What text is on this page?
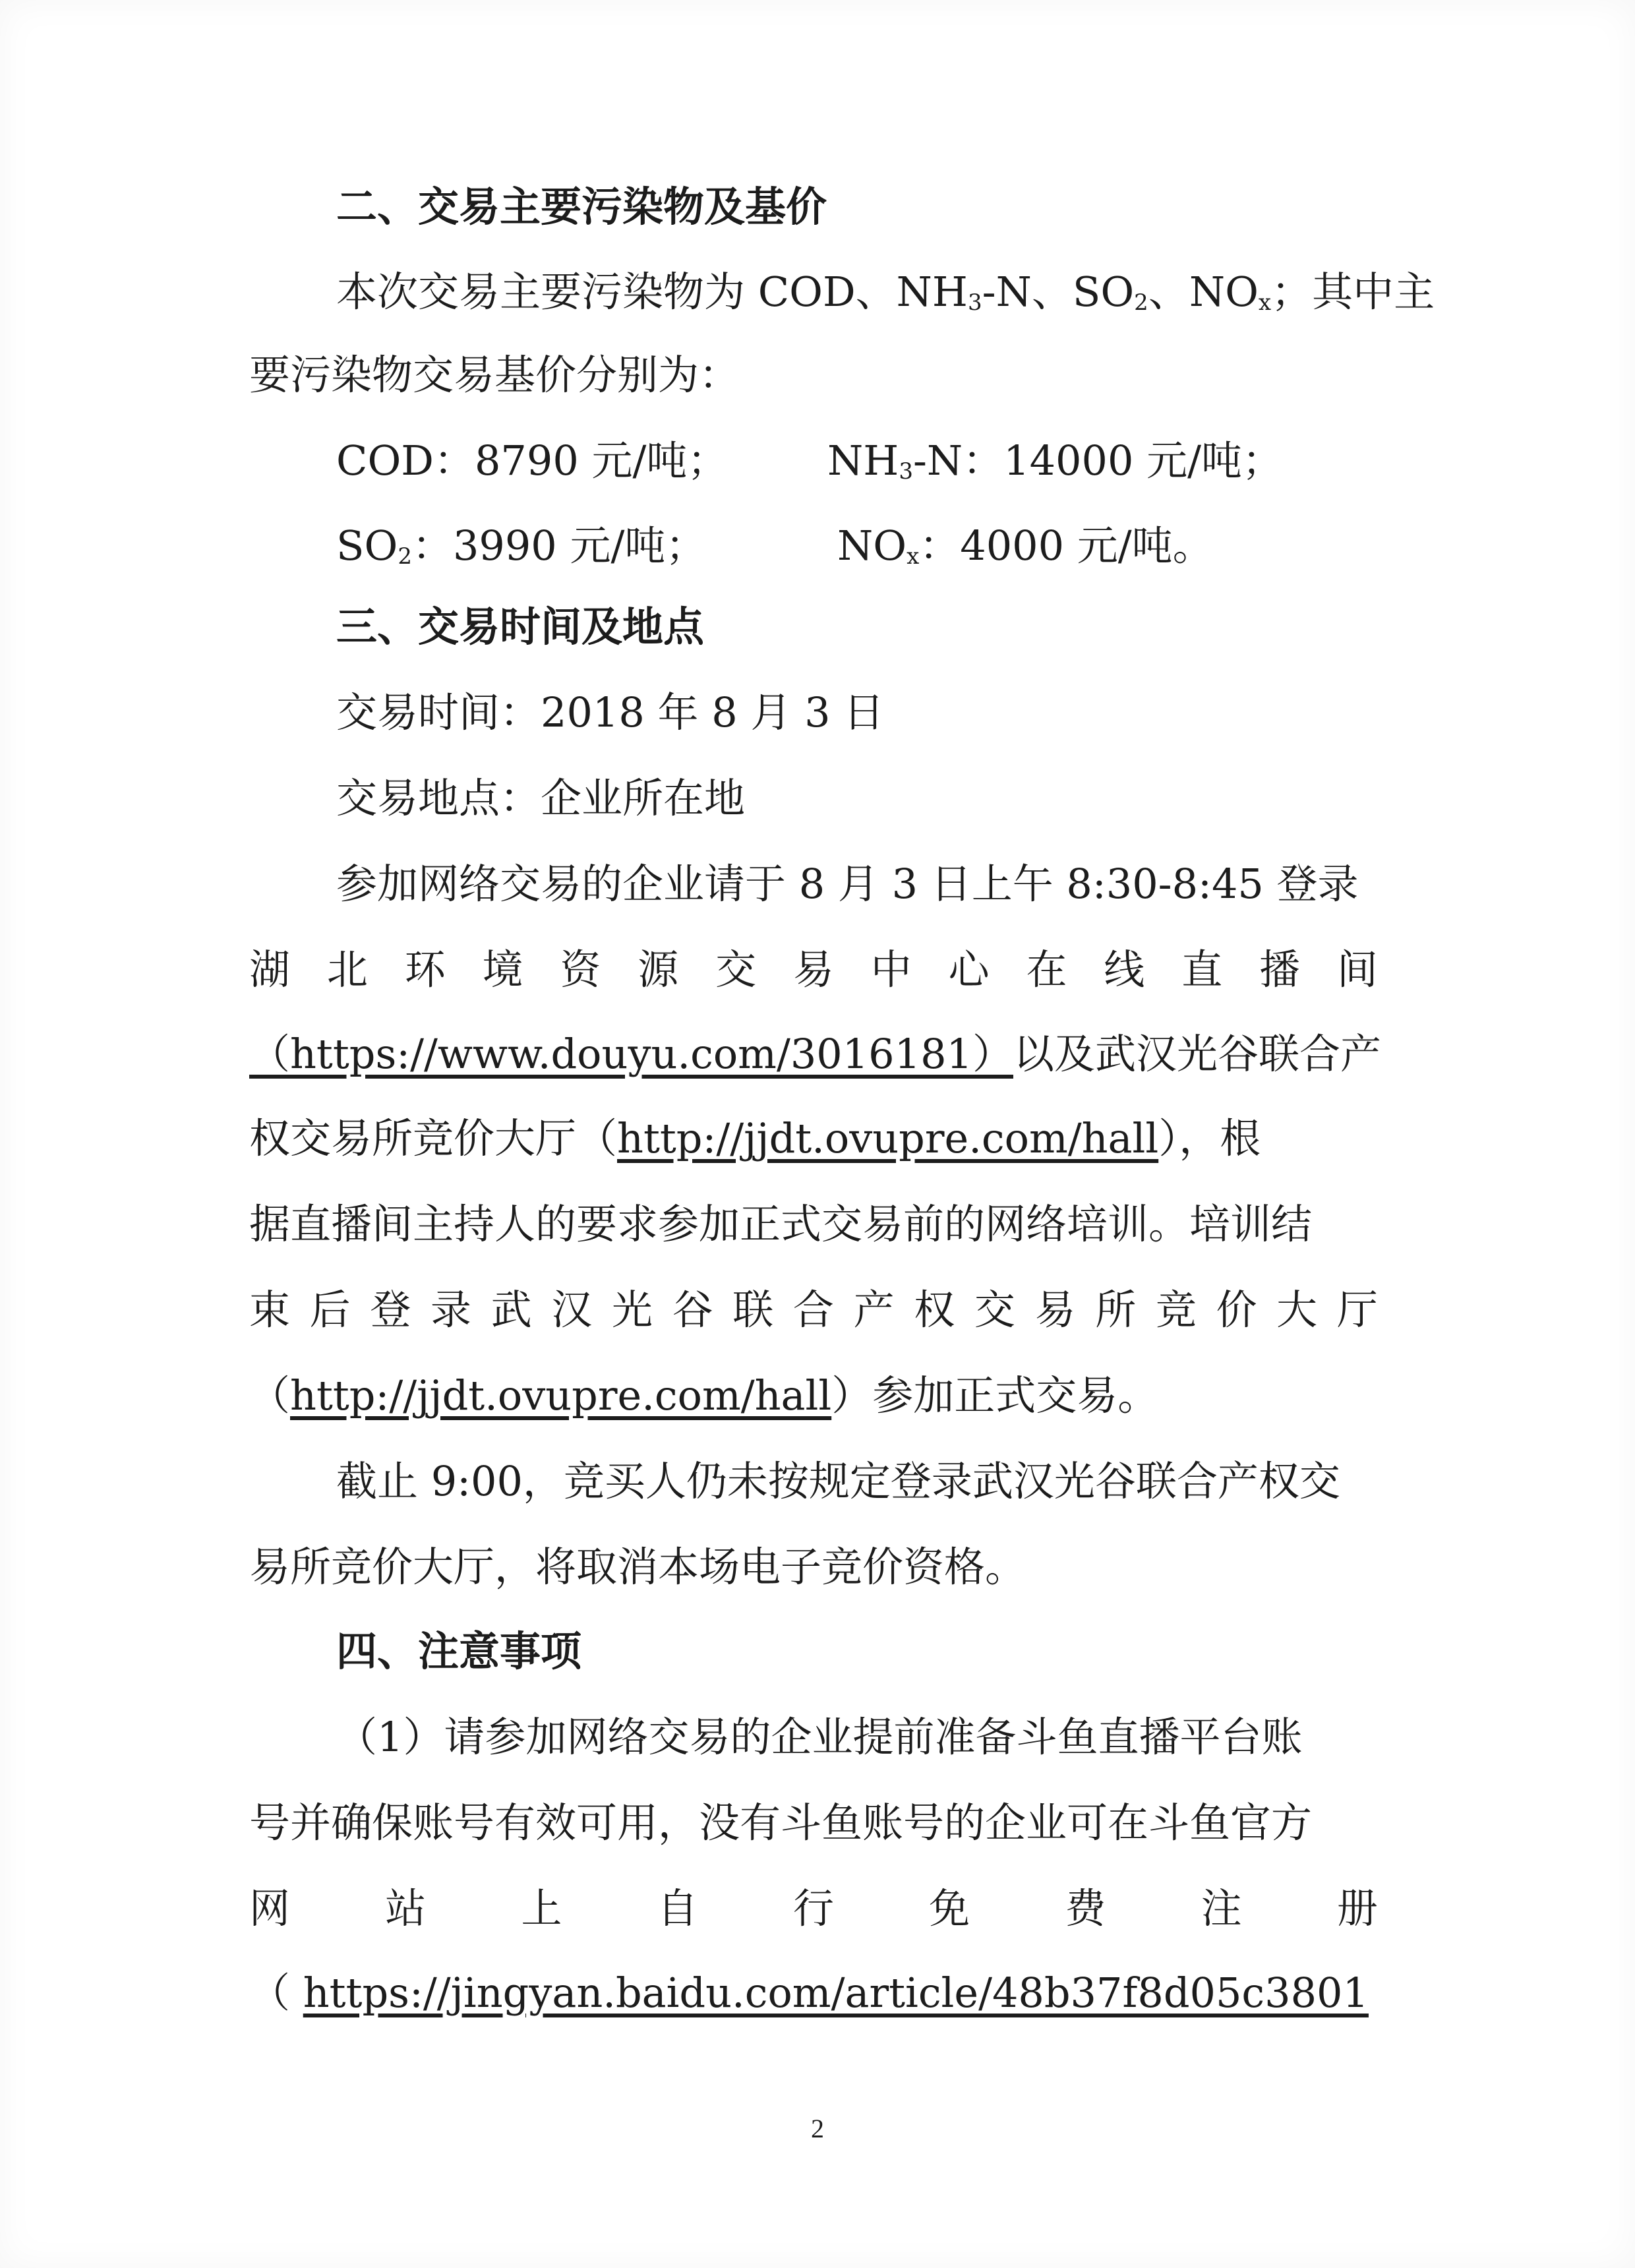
二、交易主要污染物及基价
本次交易主要污染物为 COD、$NH_3-N$、$SO_2$、$NO_x$；其中主
要污染物交易基价分别为：
COD：8790 元/吨； $NH_3-N$：14000 元/吨；
$SO_2$：3990 元/吨；	$NO_x$：4000 元/吨。
三、交易时间及地点
交易时间：2018 年 8 月 3 日
交易地点：企业所在地
参加网络交易的企业请于 8 月 3 日上午 8:30-8:45 登录
湖 北 环 境 资 源 交 易 中 心 在 线 直 播 间
（https://www.douyu.com/3016181）以及武汉光谷联合产
权交易所竞价大厅（http://jjdt.ovupre.com/hall），根
据直播间主持人的要求参加正式交易前的网络培训。培训结
束 后 登 录 武 汉 光 谷 联 合 产 权 交 易 所 竞 价 大 厅
（http://jjdt.ovupre.com/hall）参加正式交易。
截止 9:00，竞买人仍未按规定登录武汉光谷联合产权交
易所竞价大厅，将取消本场电子竞价资格。
四、注意事项
（1）请参加网络交易的企业提前准备斗鱼直播平台账
号并确保账号有效可用，没有斗鱼账号的企业可在斗鱼官方
网 站 上 自 行 免 费 注 册
（ https://jingyan.baidu.com/article/48b37f8d05c3801
2
